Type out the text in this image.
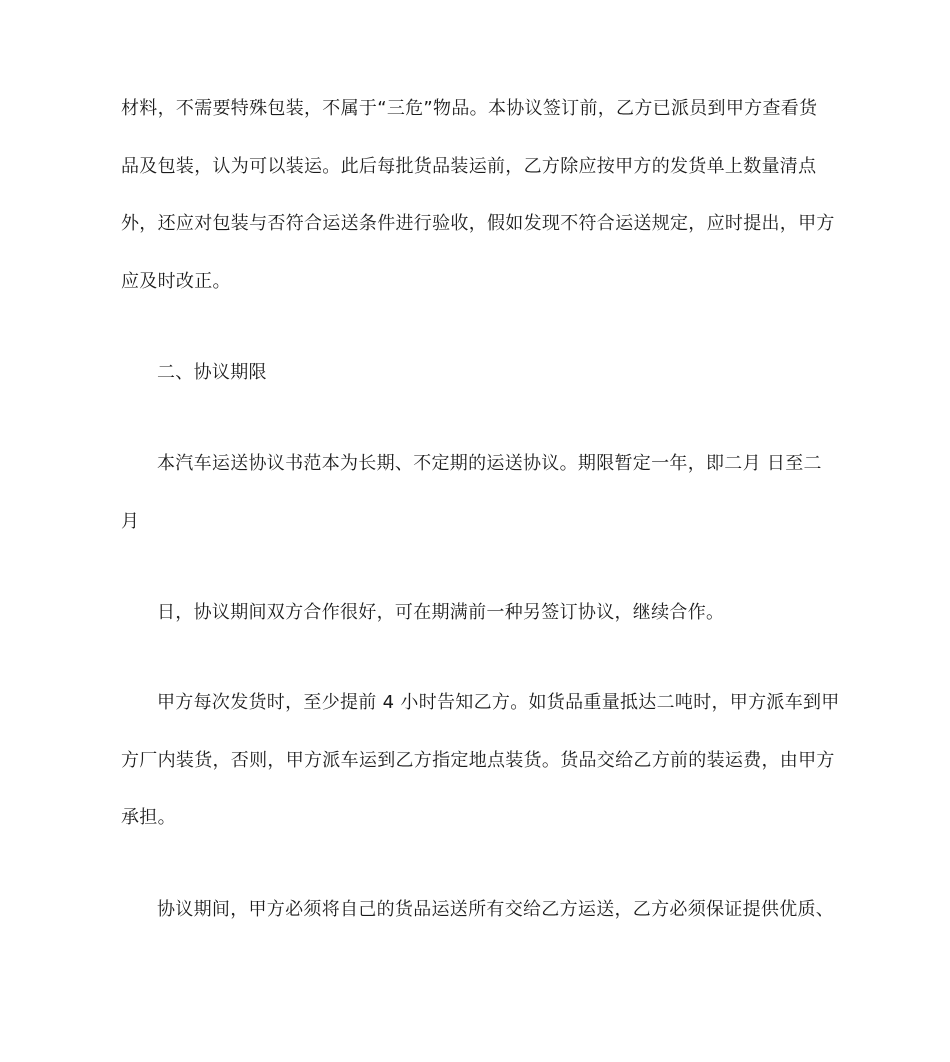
材料，不需要特殊包装，不属于“三危”物品。本协议签订前，乙方已派员到甲方查看货
品及包装，认为可以装运。此后每批货品装运前，乙方除应按甲方的发货单上数量清点
外，还应对包装与否符合运送条件进行验收，假如发现不符合运送规定，应时提出，甲方
应及时改正。
二、协议期限
本汽车运送协议书范本为长期、不定期的运送协议。期限暂定一年，即二月 日至二
月
日，协议期间双方合作很好，可在期满前一种另签订协议，继续合作。
甲方每次发货时，至少提前 4 小时告知乙方。如货品重量抵达二吨时，甲方派车到甲
方厂内装货，否则，甲方派车运到乙方指定地点装货。货品交给乙方前的装运费，由甲方
承担。
协议期间，甲方必须将自己的货品运送所有交给乙方运送，乙方必须保证提供优质、
